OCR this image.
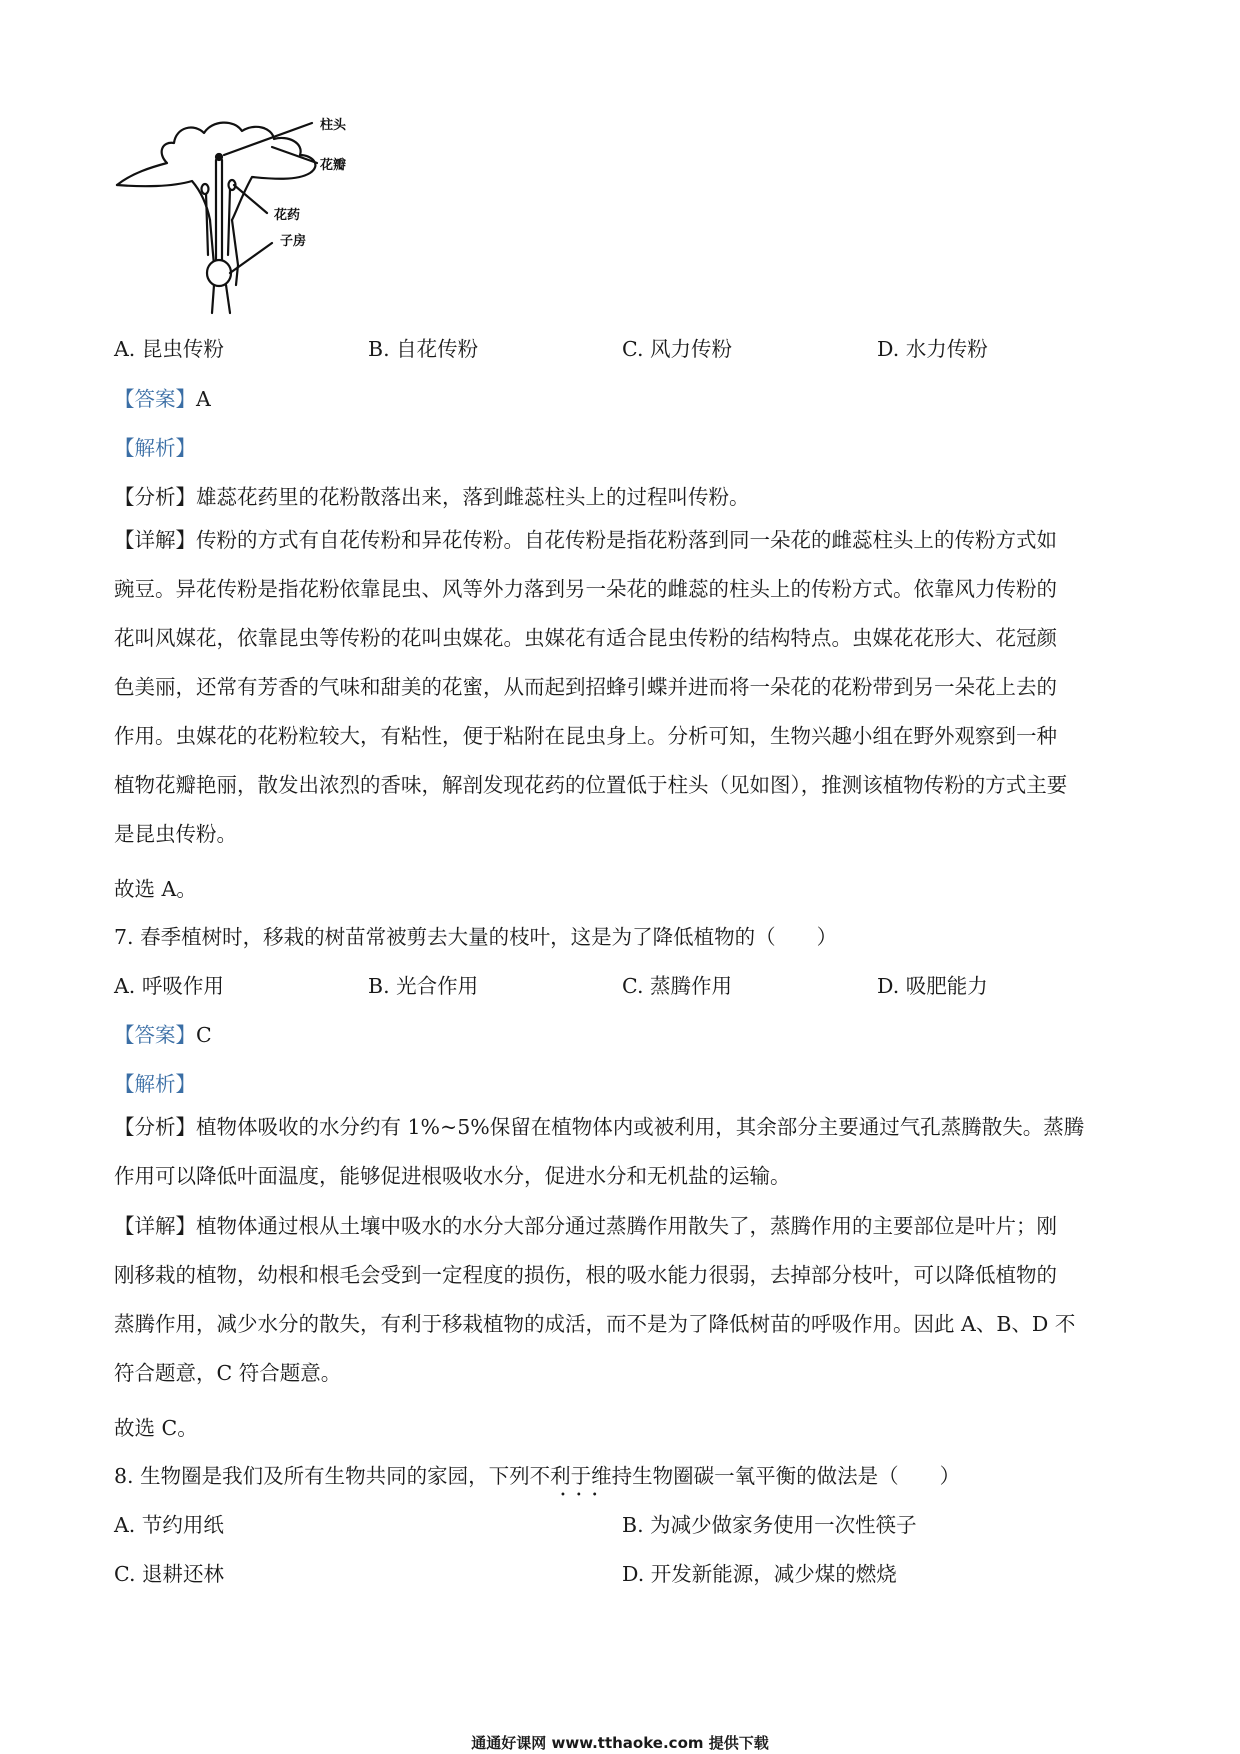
柱头
花瓣
花药
子房
A. 昆虫传粉	B. 自花传粉	C. 风力传粉	D. 水力传粉
【答案】A
【解析】
【分析】雄蕊花药里的花粉散落出来，落到雌蕊柱头上的过程叫传粉。
【详解】传粉的方式有自花传粉和异花传粉。自花传粉是指花粉落到同一朵花的雌蕊柱头上的传粉方式如
豌豆。异花传粉是指花粉依靠昆虫、风等外力落到另一朵花的雌蕊的柱头上的传粉方式。依靠风力传粉的
花叫风媒花，依靠昆虫等传粉的花叫虫媒花。虫媒花有适合昆虫传粉的结构特点。虫媒花花形大、花冠颜
色美丽，还常有芳香的气味和甜美的花蜜，从而起到招蜂引蝶并进而将一朵花的花粉带到另一朵花上去的
作用。虫媒花的花粉粒较大，有粘性，便于粘附在昆虫身上。分析可知，生物兴趣小组在野外观察到一种
植物花瓣艳丽，散发出浓烈的香味，解剖发现花药的位置低于柱头（见如图），推测该植物传粉的方式主要
是昆虫传粉。
故选 A。
7. 春季植树时，移栽的树苗常被剪去大量的枝叶，这是为了降低植物的（　　）
A. 呼吸作用	B. 光合作用	C. 蒸腾作用	D. 吸肥能力
【答案】C
【解析】
【分析】植物体吸收的水分约有 1%~5%保留在植物体内或被利用，其余部分主要通过气孔蒸腾散失。蒸腾
作用可以降低叶面温度，能够促进根吸收水分，促进水分和无机盐的运输。
【详解】植物体通过根从土壤中吸水的水分大部分通过蒸腾作用散失了，蒸腾作用的主要部位是叶片；刚
刚移栽的植物，幼根和根毛会受到一定程度的损伤，根的吸水能力很弱，去掉部分枝叶，可以降低植物的
蒸腾作用，减少水分的散失，有利于移栽植物的成活，而不是为了降低树苗的呼吸作用。因此 A、B、D 不
符合题意，C 符合题意。
故选 C。
8. 生物圈是我们及所有生物共同的家园，下列不利于维持生物圈碳一氧平衡的做法是（　　）
•　•　•
A. 节约用纸	B. 为减少做家务使用一次性筷子
C. 退耕还林	D. 开发新能源，减少煤的燃烧
通通好课网 www.tthaoke.com 提供下载
